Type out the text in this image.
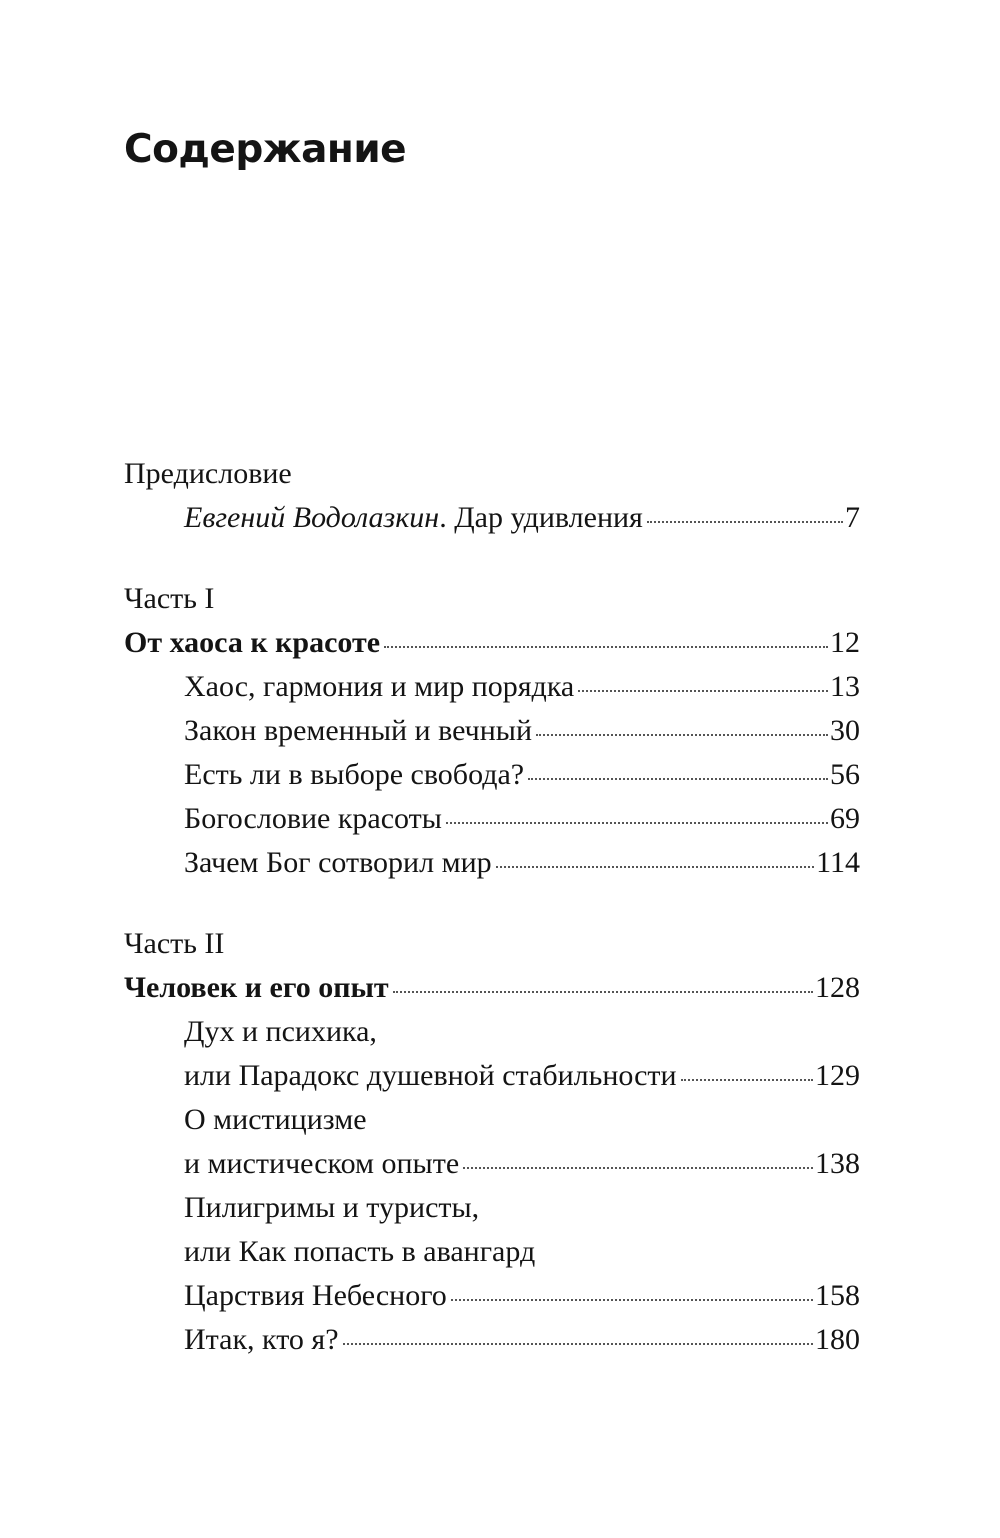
Содержание
Предисловие
Евгений Водолазкин. Дар удивления	7
Часть I
От хаоса к красоте	12
Хаос, гармония и мир порядка	13
Закон временный и вечный	30
Есть ли в выборе свобода?	56
Богословие красоты	69
Зачем Бог сотворил мир	114
Часть II
Человек и его опыт	128
Дух и психика,
или Парадокс душевной стабильности	129
О мистицизме
и мистическом опыте	138
Пилигримы и туристы,
или Как попасть в авангард
Царствия Небесного	158
Итак, кто я?	180
